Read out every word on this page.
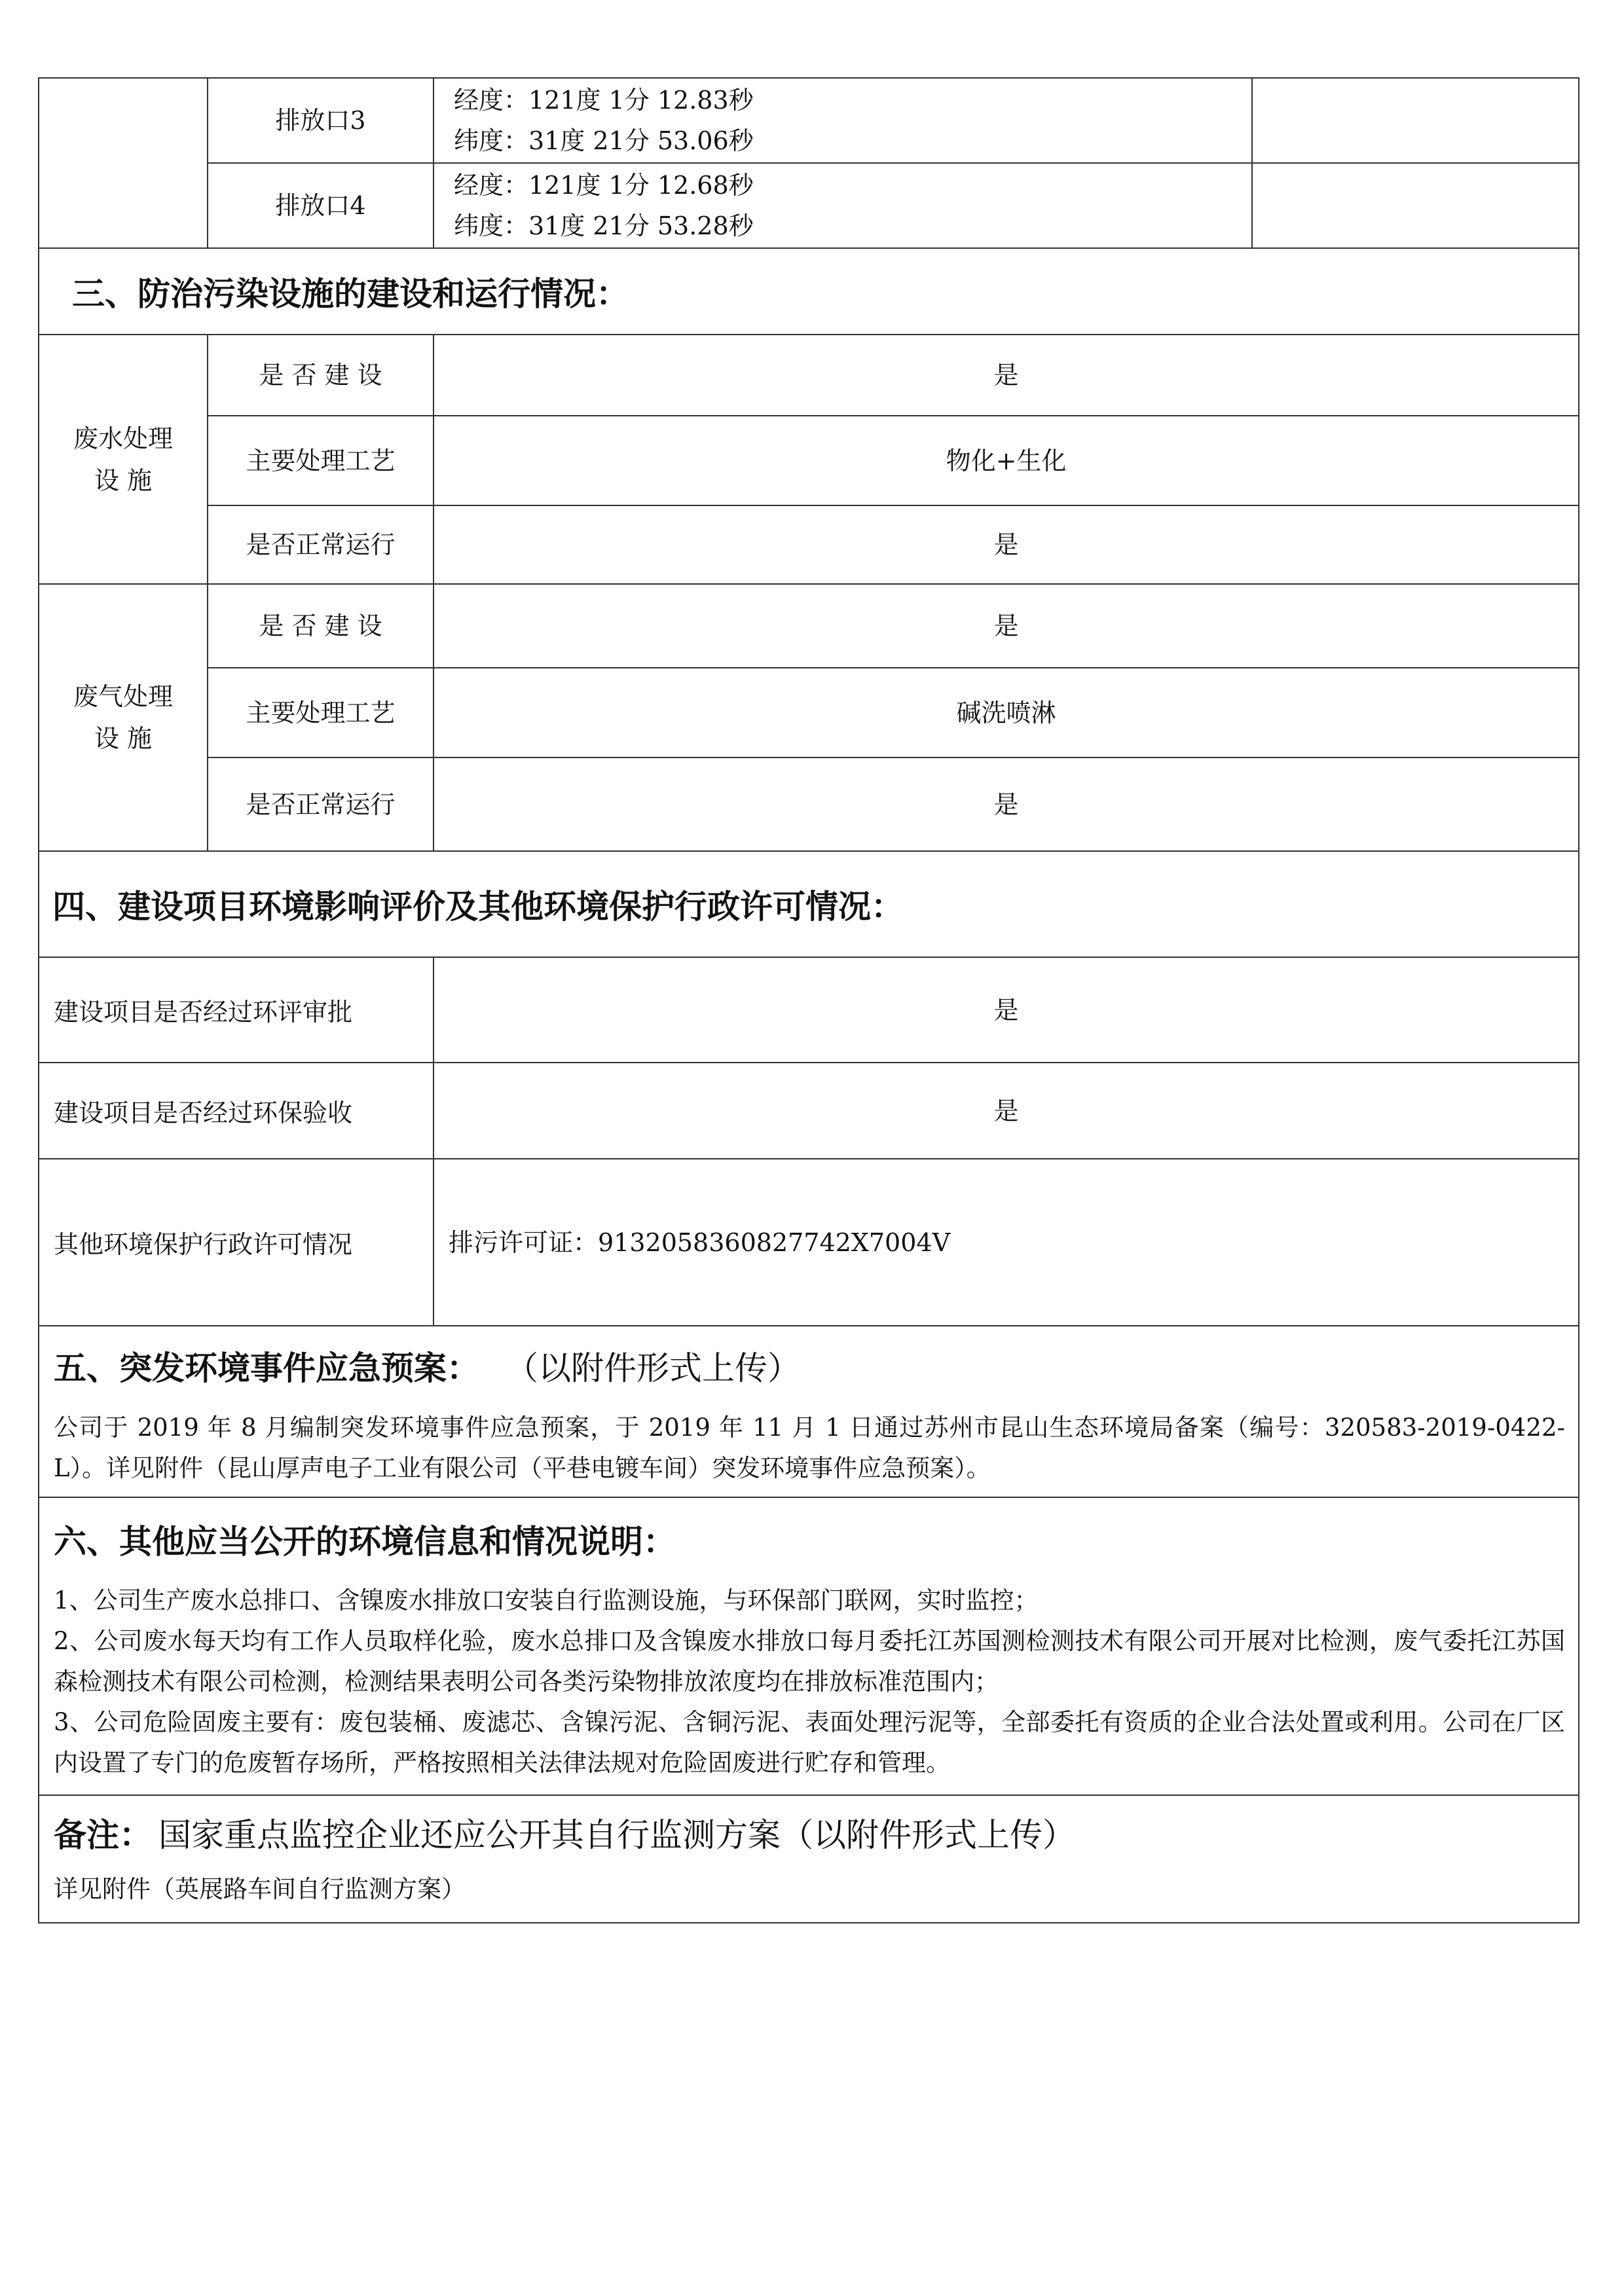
	排放口3	经度：121度 1分 12.83秒
纬度：31度 21分 53.06秒	

	排放口4	经度：121度 1分 12.68秒
纬度：31度 21分 53.28秒	

三、防治污染设施的建设和运行情况：			

废水处理
设 施	是 否 建 设	是	
	主要处理工艺	物化+生化	
	是否正常运行	是	

废气处理
设 施	是 否 建 设	是	
	主要处理工艺	碱洗喷淋	
	是否正常运行	是	
四、建设项目环境影响评价及其他环境保护行政许可情况：			
建设项目是否经过环评审批		是	
建设项目是否经过环保验收		是	
其他环境保护行政许可情况		排污许可证：9132058360827742X7004V	

五、突发环境事件应急预案： （以附件形式上传）
公司于 2019 年 8 月编制突发环境事件应急预案，于 2019 年 11 月 1 日通过苏州市昆山生态环境局备案（编号：320583-2019-0422-L）。详见附件（昆山厚声电子工业有限公司（平巷电镀车间）突发环境事件应急预案）。			

六、其他应当公开的环境信息和情况说明：
1、公司生产废水总排口、含镍废水排放口安装自行监测设施，与环保部门联网，实时监控；
2、公司废水每天均有工作人员取样化验，废水总排口及含镍废水排放口每月委托江苏国测检测技术有限公司开展对比检测，废气委托江苏国森检测技术有限公司检测，检测结果表明公司各类污染物排放浓度均在排放标准范围内；
3、公司危险固废主要有：废包装桶、废滤芯、含镍污泥、含铜污泥、表面处理污泥等，全部委托有资质的企业合法处置或利用。公司在厂区内设置了专门的危废暂存场所，严格按照相关法律法规对危险固废进行贮存和管理。			

备注： 国家重点监控企业还应公开其自行监测方案（以附件形式上传）
详见附件（英展路车间自行监测方案）			
